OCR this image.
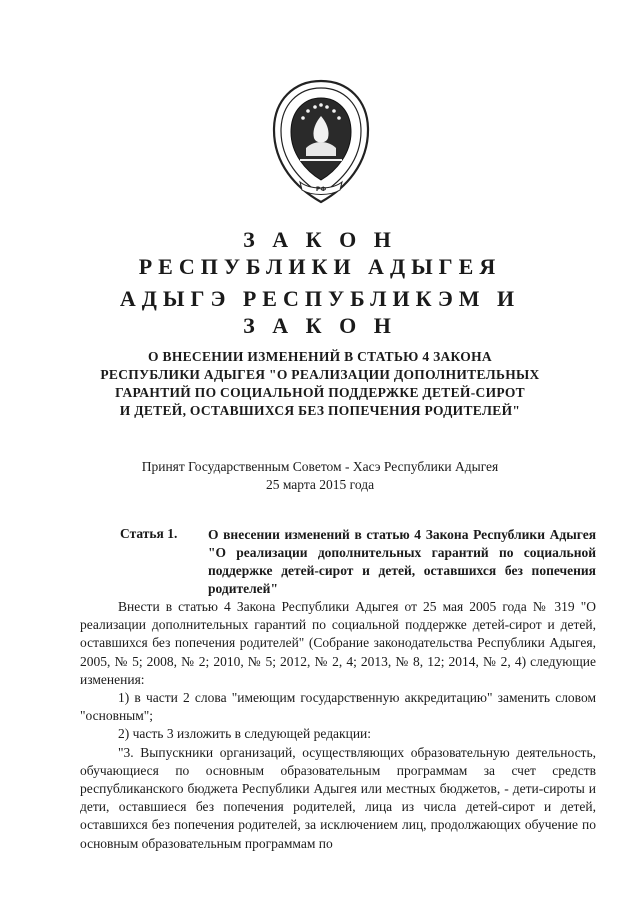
РФ
З А К О Н
РЕСПУБЛИКИ АДЫГЕЯ
АДЫГЭ РЕСПУБЛИКЭМ И
З А К О Н
О ВНЕСЕНИИ ИЗМЕНЕНИЙ В СТАТЬЮ 4 ЗАКОНА
РЕСПУБЛИКИ АДЫГЕЯ "О РЕАЛИЗАЦИИ ДОПОЛНИТЕЛЬНЫХ
ГАРАНТИЙ ПО СОЦИАЛЬНОЙ ПОДДЕРЖКЕ ДЕТЕЙ-СИРОТ
И ДЕТЕЙ, ОСТАВШИХСЯ БЕЗ ПОПЕЧЕНИЯ РОДИТЕЛЕЙ"
Принят Государственным Советом - Хасэ Республики Адыгея
25 марта 2015 года
Статья 1. О внесении изменений в статью 4 Закона Республики Адыгея "О реализации дополнительных гарантий по социальной поддержке детей-сирот и детей, оставшихся без попечения родителей"

Внести в статью 4 Закона Республики Адыгея от 25 мая 2005 года № 319 "О реализации дополнительных гарантий по социальной поддержке детей-сирот и детей, оставшихся без попечения родителей" (Собрание законодательства Республики Адыгея, 2005, № 5; 2008, № 2; 2010, № 5; 2012, № 2, 4; 2013, № 8, 12; 2014, № 2, 4) следующие изменения:

1) в части 2 слова "имеющим государственную аккредитацию" заменить словом "основным";

2) часть 3 изложить в следующей редакции:

"3. Выпускники организаций, осуществляющих образовательную деятельность, обучающиеся по основным образовательным программам за счет средств республиканского бюджета Республики Адыгея или местных бюджетов, - дети-сироты и дети, оставшиеся без попечения родителей, лица из числа детей-сирот и детей, оставшихся без попечения родителей, за исключением лиц, продолжающих обучение по основным образовательным программам по
